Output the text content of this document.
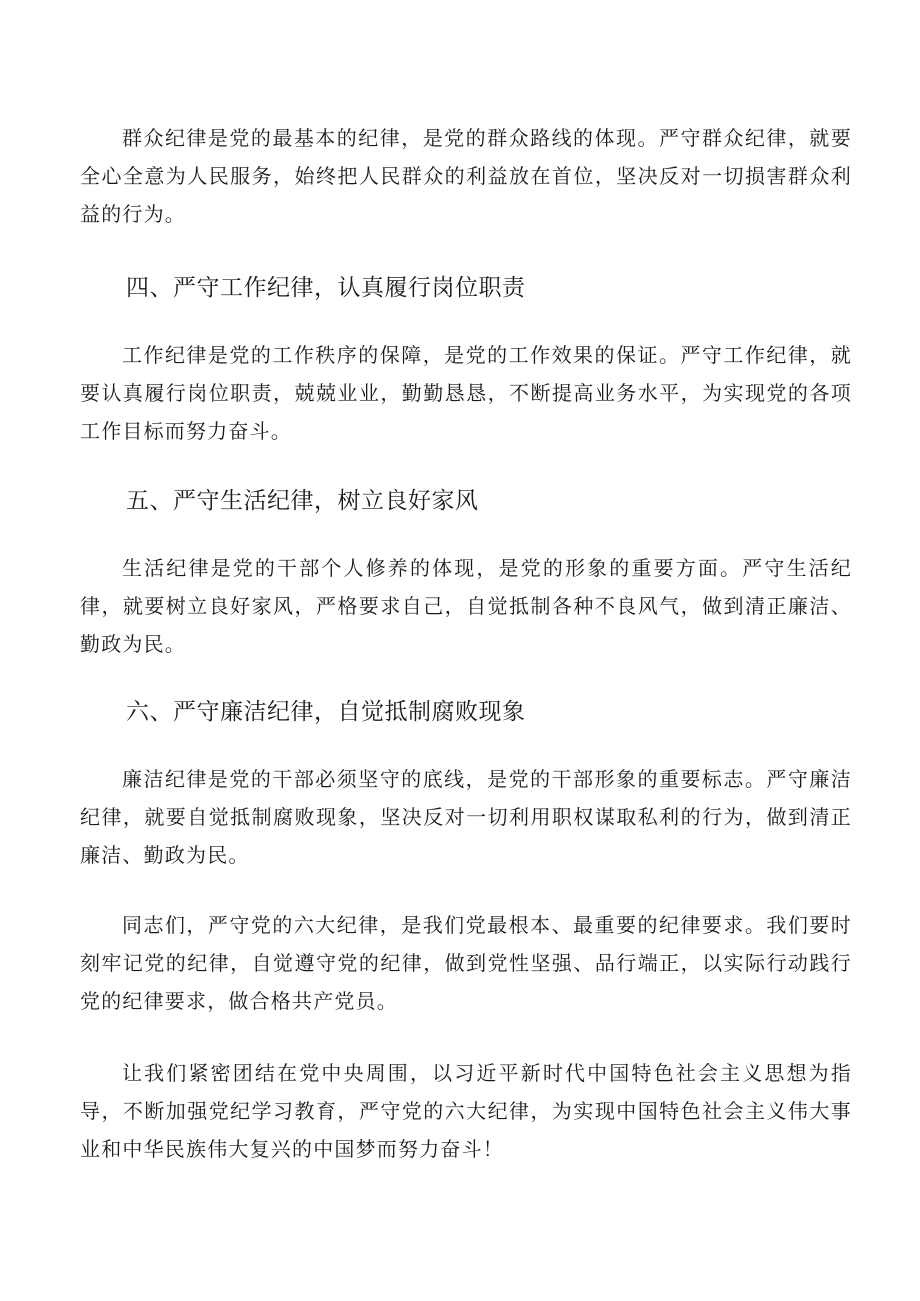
群众纪律是党的最基本的纪律，是党的群众路线的体现。严守群众纪律，就要全心全意为人民服务，始终把人民群众的利益放在首位，坚决反对一切损害群众利益的行为。

四、严守工作纪律，认真履行岗位职责

工作纪律是党的工作秩序的保障，是党的工作效果的保证。严守工作纪律，就要认真履行岗位职责，兢兢业业，勤勤恳恳，不断提高业务水平，为实现党的各项工作目标而努力奋斗。

五、严守生活纪律，树立良好家风

生活纪律是党的干部个人修养的体现，是党的形象的重要方面。严守生活纪律，就要树立良好家风，严格要求自己，自觉抵制各种不良风气，做到清正廉洁、勤政为民。

六、严守廉洁纪律，自觉抵制腐败现象

廉洁纪律是党的干部必须坚守的底线，是党的干部形象的重要标志。严守廉洁纪律，就要自觉抵制腐败现象，坚决反对一切利用职权谋取私利的行为，做到清正廉洁、勤政为民。

同志们，严守党的六大纪律，是我们党最根本、最重要的纪律要求。我们要时刻牢记党的纪律，自觉遵守党的纪律，做到党性坚强、品行端正，以实际行动践行党的纪律要求，做合格共产党员。

让我们紧密团结在党中央周围，以习近平新时代中国特色社会主义思想为指导，不断加强党纪学习教育，严守党的六大纪律，为实现中国特色社会主义伟大事业和中华民族伟大复兴的中国梦而努力奋斗！
